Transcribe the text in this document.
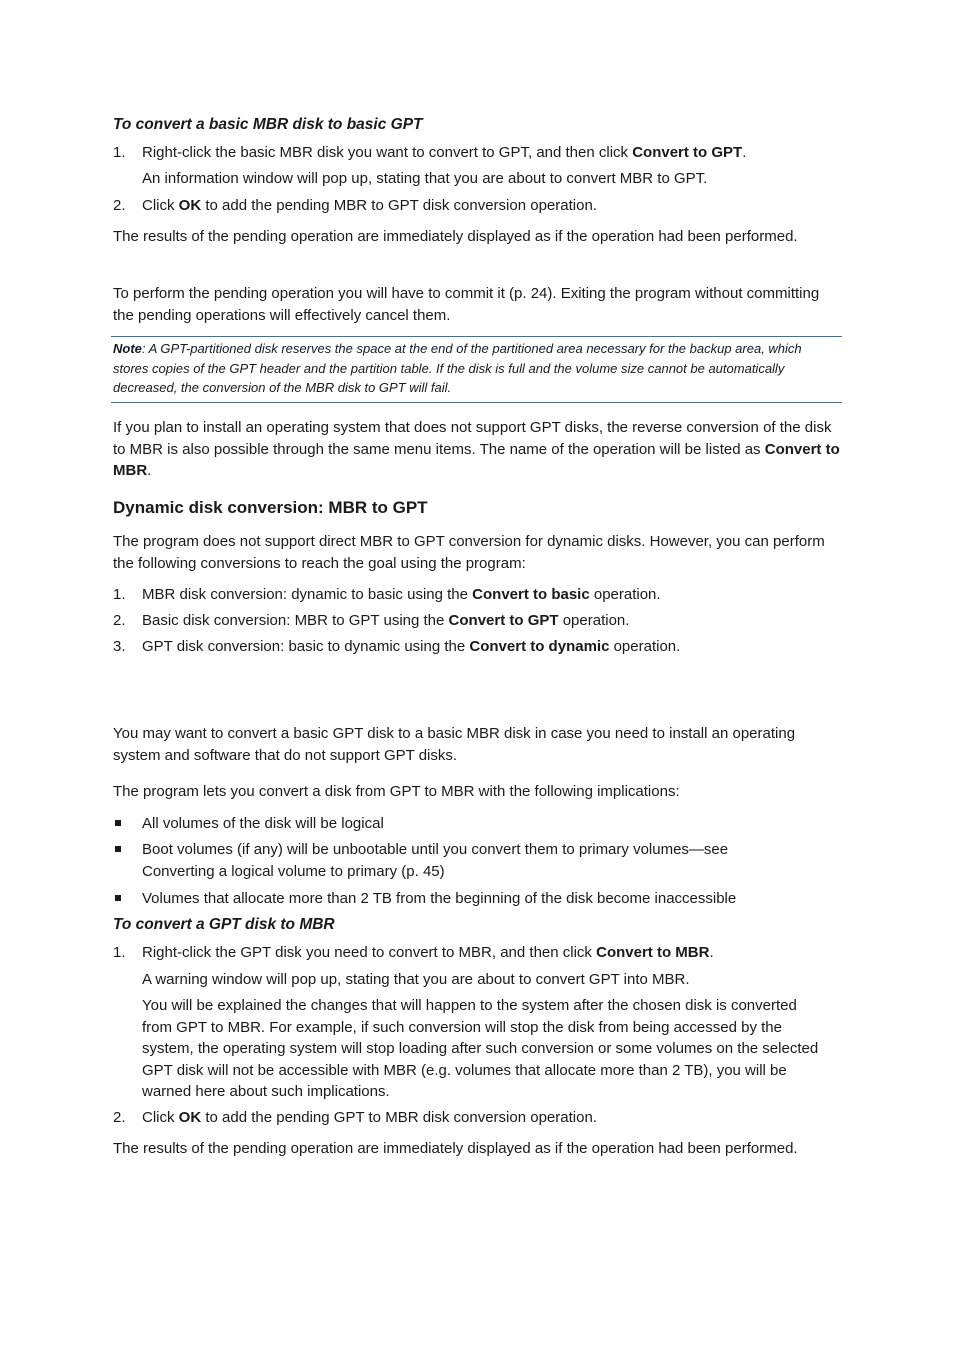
To convert a basic MBR disk to basic GPT

1.	Right-click the basic MBR disk you want to convert to GPT, and then click Convert to GPT.

An information window will pop up, stating that you are about to convert MBR to GPT.

2.	Click OK to add the pending MBR to GPT disk conversion operation.

The results of the pending operation are immediately displayed as if the operation had been performed.

To perform the pending operation you will have to commit it (p. 24). Exiting the program without committing the pending operations will effectively cancel them.

Note: A GPT-partitioned disk reserves the space at the end of the partitioned area necessary for the backup area, which stores copies of the GPT header and the partition table. If the disk is full and the volume size cannot be automatically decreased, the conversion of the MBR disk to GPT will fail.

If you plan to install an operating system that does not support GPT disks, the reverse conversion of the disk to MBR is also possible through the same menu items. The name of the operation will be listed as Convert to MBR.

Dynamic disk conversion: MBR to GPT

The program does not support direct MBR to GPT conversion for dynamic disks. However, you can perform the following conversions to reach the goal using the program:

1.	MBR disk conversion: dynamic to basic using the Convert to basic operation.
2.	Basic disk conversion: MBR to GPT using the Convert to GPT operation.
3.	GPT disk conversion: basic to dynamic using the Convert to dynamic operation.

You may want to convert a basic GPT disk to a basic MBR disk in case you need to install an operating system and software that do not support GPT disks.

The program lets you convert a disk from GPT to MBR with the following implications:

All volumes of the disk will be logical
Boot volumes (if any) will be unbootable until you convert them to primary volumes—see Converting a logical volume to primary (p. 45)
Volumes that allocate more than 2 TB from the beginning of the disk become inaccessible

To convert a GPT disk to MBR

1.	Right-click the GPT disk you need to convert to MBR, and then click Convert to MBR.

A warning window will pop up, stating that you are about to convert GPT into MBR.

You will be explained the changes that will happen to the system after the chosen disk is converted from GPT to MBR. For example, if such conversion will stop the disk from being accessed by the system, the operating system will stop loading after such conversion or some volumes on the selected GPT disk will not be accessible with MBR (e.g. volumes that allocate more than 2 TB), you will be warned here about such implications.

2.	Click OK to add the pending GPT to MBR disk conversion operation.

The results of the pending operation are immediately displayed as if the operation had been performed.
